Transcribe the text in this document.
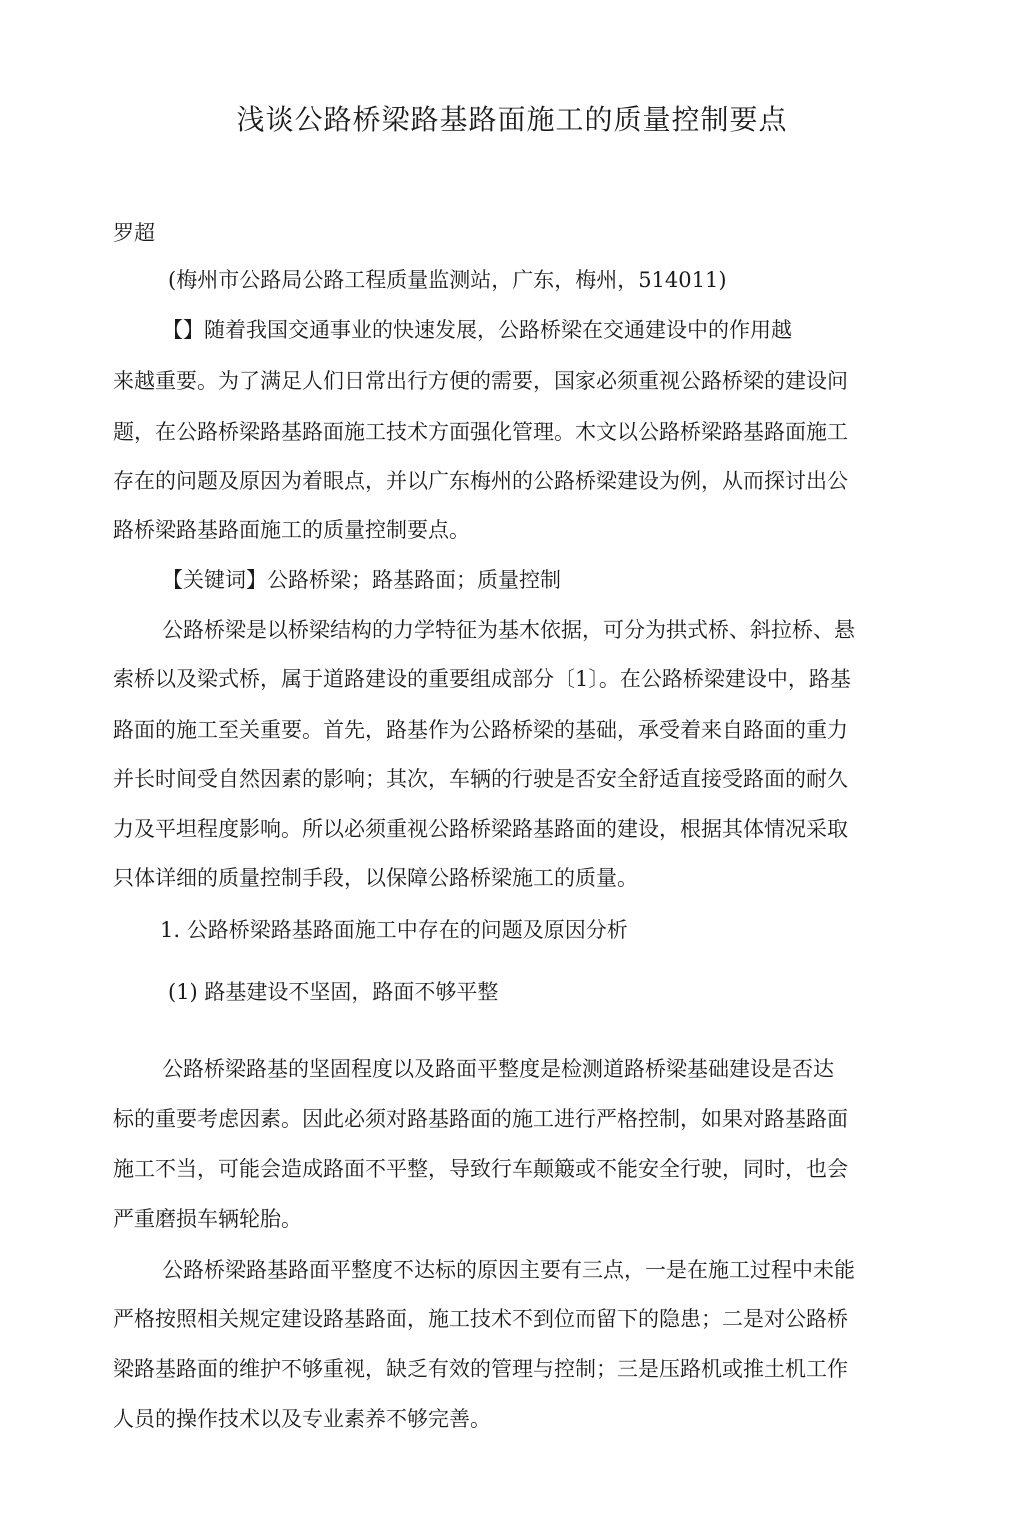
浅谈公路桥梁路基路面施工的质量控制要点
罗超
(梅州市公路局公路工程质量监测站，广东，梅州，514011)
【】随着我国交通事业的快速发展，公路桥梁在交通建设中的作用越
来越重要。为了满足人们日常出行方便的需要，国家必须重视公路桥梁的建设问
题，在公路桥梁路基路面施工技术方面强化管理。木文以公路桥梁路基路面施工
存在的问题及原因为着眼点，并以广东梅州的公路桥梁建设为例，从而探讨出公
路桥梁路基路面施工的质量控制要点。
【关键词】公路桥梁；路基路面；质量控制
公路桥梁是以桥梁结构的力学特征为基木依据，可分为拱式桥、斜拉桥、悬
索桥以及梁式桥，属于道路建设的重要组成部分〔1〕。在公路桥梁建设中，路基
路面的施工至关重要。首先，路基作为公路桥梁的基础，承受着来自路面的重力
并长时间受自然因素的影响；其次，车辆的行驶是否安全舒适直接受路面的耐久
力及平坦程度影响。所以必须重视公路桥梁路基路面的建设，根据其体情况采取
只体详细的质量控制手段，以保障公路桥梁施工的质量。
1. 公路桥梁路基路面施工中存在的问题及原因分析
(1) 路基建设不坚固，路面不够平整
公路桥梁路基的坚固程度以及路面平整度是检测道路桥梁基础建设是否达
标的重要考虑因素。因此必须对路基路面的施工进行严格控制，如果对路基路面
施工不当，可能会造成路面不平整，导致行车颠簸或不能安全行驶，同时，也会
严重磨损车辆轮胎。
公路桥梁路基路面平整度不达标的原因主要有三点，一是在施工过程中未能
严格按照相关规定建设路基路面，施工技术不到位而留下的隐患；二是对公路桥
梁路基路面的维护不够重视，缺乏有效的管理与控制；三是压路机或推土机工作
人员的操作技术以及专业素养不够完善。
